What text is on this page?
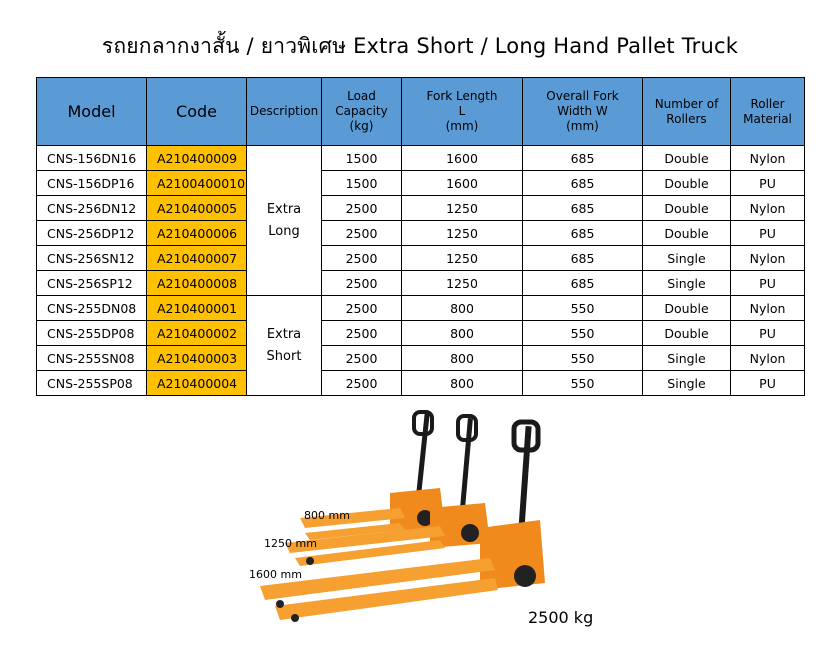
รถยกลากงาสั้น / ยาวพิเศษ Extra Short / Long Hand Pallet Truck
Model	Code	Description	Load
Capacity
(kg)	Fork Length
L
(mm)	Overall Fork
Width W
(mm)	Number of
Rollers	Roller
Material
CNS-156DN16	A210400009	Extra
Long	1500	1600	685	Double	Nylon
CNS-156DP16	A2100400010		1500	1600	685	Double	PU
CNS-256DN12	A210400005		2500	1250	685	Double	Nylon
CNS-256DP12	A210400006		2500	1250	685	Double	PU
CNS-256SN12	A210400007		2500	1250	685	Single	Nylon
CNS-256SP12	A210400008		2500	1250	685	Single	PU
CNS-255DN08	A210400001	Extra
Short	2500	800	550	Double	Nylon
CNS-255DP08	A210400002		2500	800	550	Double	PU
CNS-255SN08	A210400003		2500	800	550	Single	Nylon
CNS-255SP08	A210400004		2500	800	550	Single	PU
800 mm
1250 mm
1600 mm
2500 kg
